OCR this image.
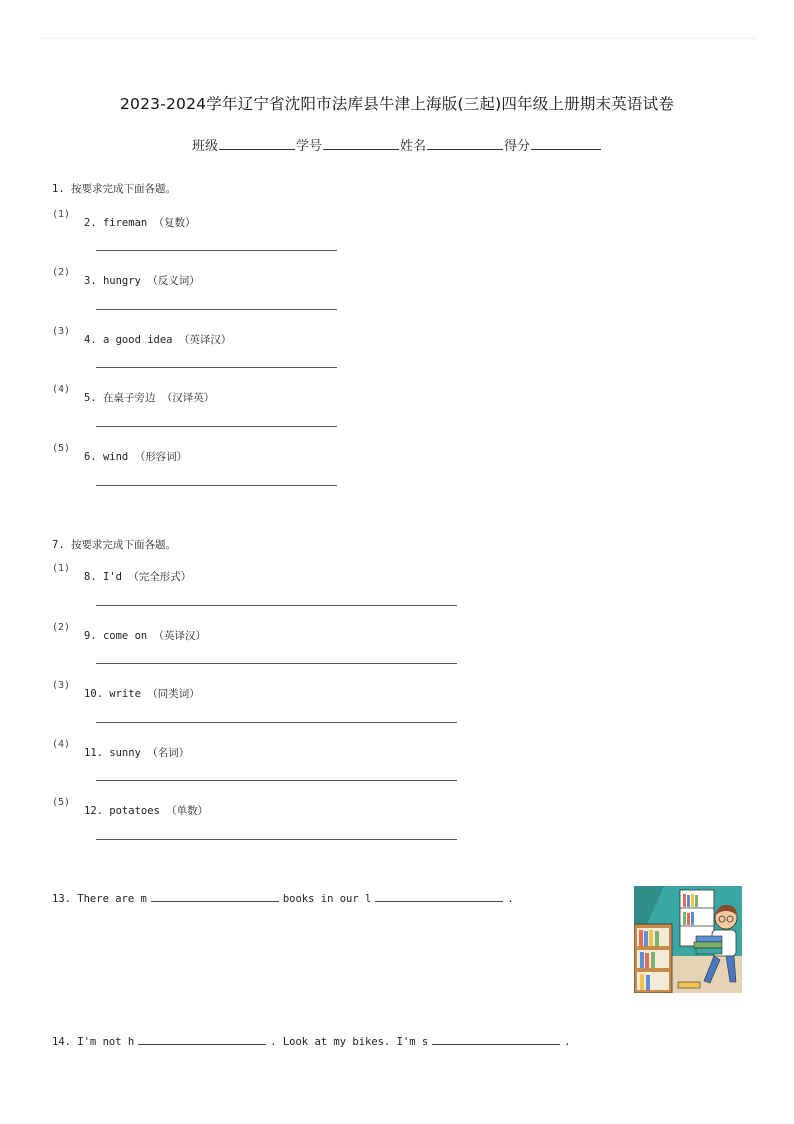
2023-2024学年辽宁省沈阳市法库县牛津上海版(三起)四年级上册期末英语试卷
班级	学号	姓名	得分
1. 按要求完成下面各题。
(1)
2. fireman （复数）
(2)
3. hungry （反义词）
(3)
4. a good idea （英译汉）
(4)
5. 在桌子旁边 （汉译英）
(5)
6. wind （形容词）
7. 按要求完成下面各题。
(1)
8. I'd （完全形式）
(2)
9. come on （英译汉）
(3)
10. write （同类词）
(4)
11. sunny （名词）
(5)
12. potatoes （单数）
13. There are m	books in our l	.
14. I'm not h	. Look at my bikes. I'm s	.
